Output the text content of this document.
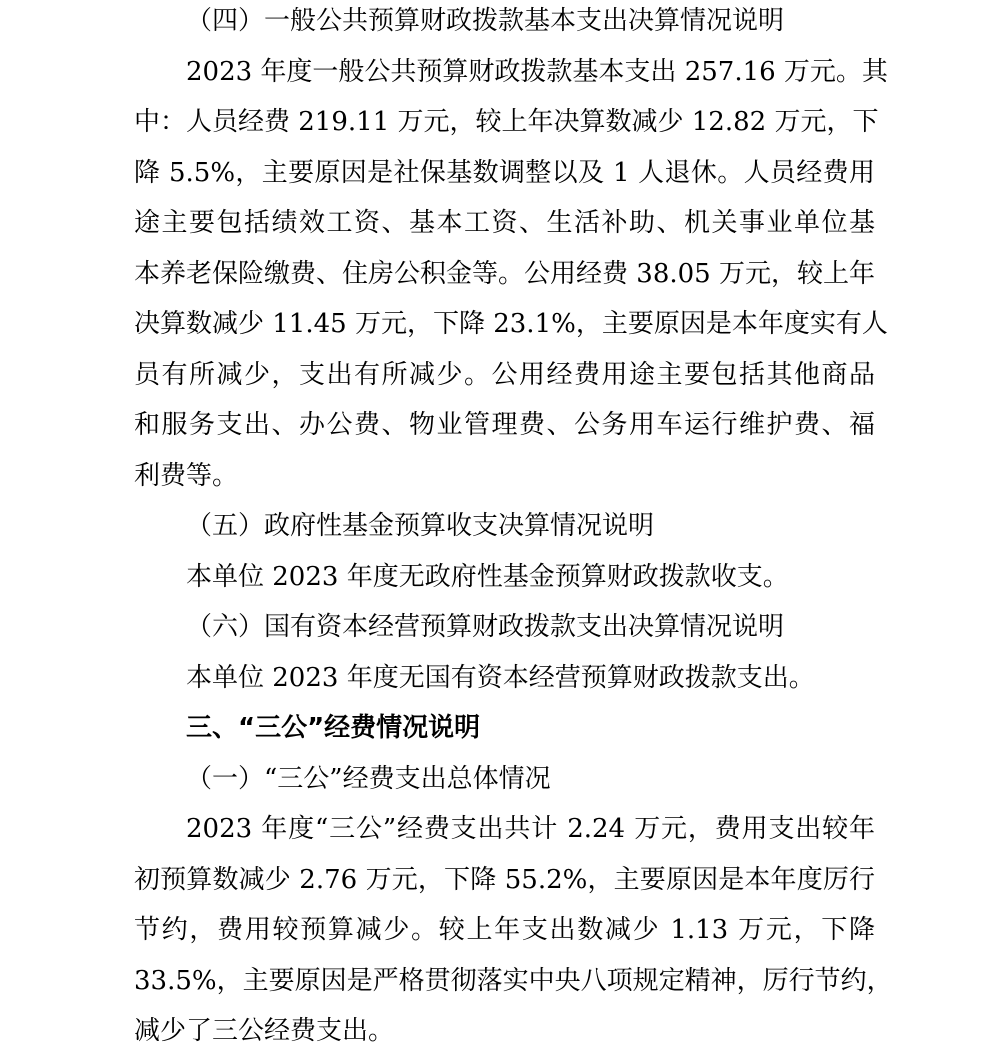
（四）一般公共预算财政拨款基本支出决算情况说明
2023 年度一般公共预算财政拨款基本支出 257.16 万元。其
中：人员经费 219.11 万元，较上年决算数减少 12.82 万元，下
降 5.5%，主要原因是社保基数调整以及 1 人退休。人员经费用
途主要包括绩效工资、基本工资、生活补助、机关事业单位基
本养老保险缴费、住房公积金等。公用经费 38.05 万元，较上年
决算数减少 11.45 万元，下降 23.1%，主要原因是本年度实有人
员有所减少，支出有所减少。公用经费用途主要包括其他商品
和服务支出、办公费、物业管理费、公务用车运行维护费、福
利费等。
（五）政府性基金预算收支决算情况说明
本单位 2023 年度无政府性基金预算财政拨款收支。
（六）国有资本经营预算财政拨款支出决算情况说明
本单位 2023 年度无国有资本经营预算财政拨款支出。
三、“三公”经费情况说明
（一）“三公”经费支出总体情况
2023 年度“三公”经费支出共计 2.24 万元，费用支出较年
初预算数减少 2.76 万元，下降 55.2%，主要原因是本年度厉行
节约，费用较预算减少。较上年支出数减少 1.13 万元，下降
33.5%，主要原因是严格贯彻落实中央八项规定精神，厉行节约，
减少了三公经费支出。
